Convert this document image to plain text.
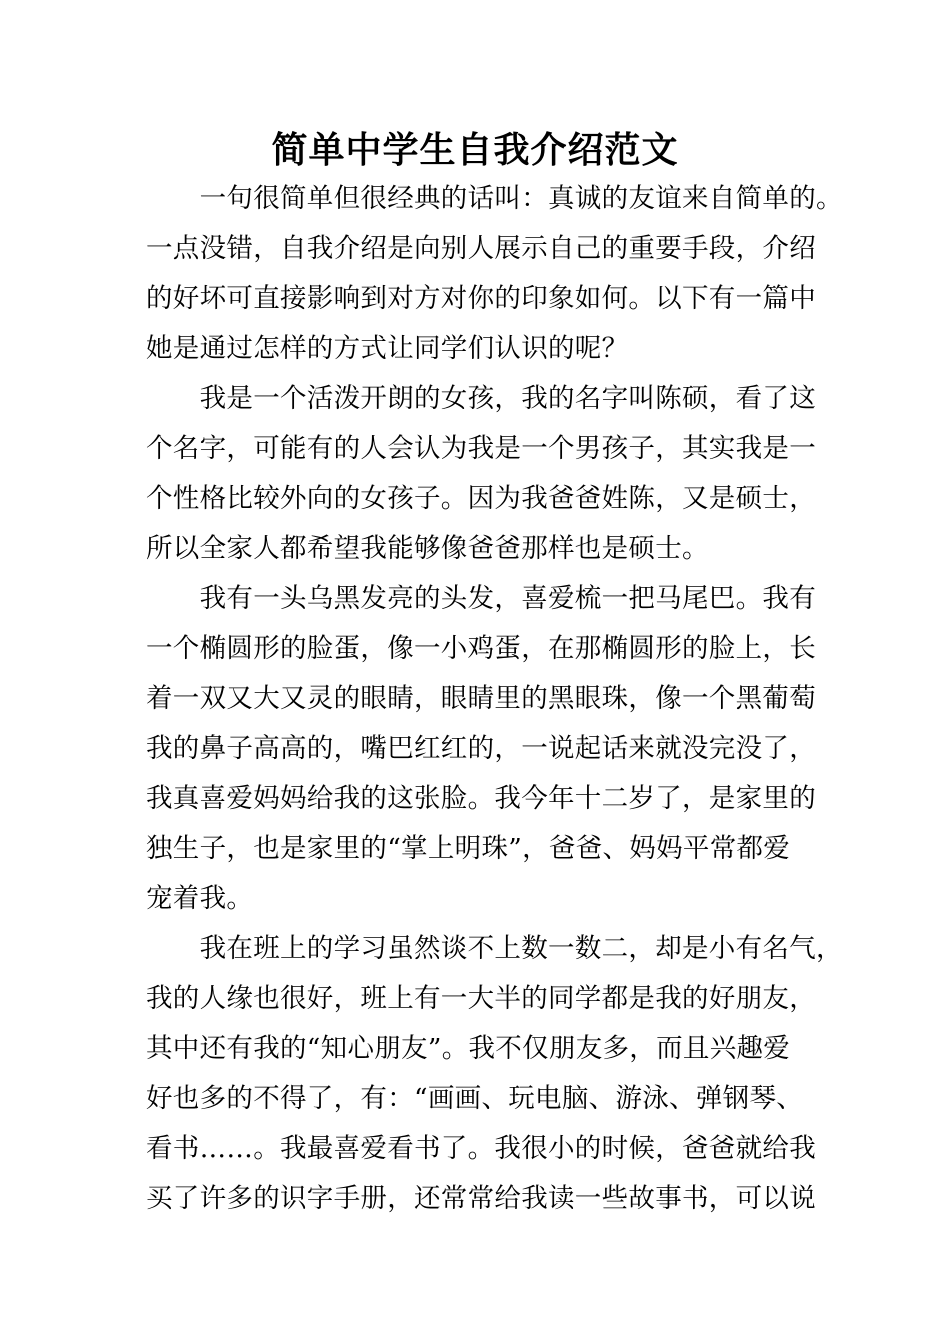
简单中学生自我介绍范文
　　一句很简单但很经典的话叫：真诚的友谊来自简单的。
一点没错，自我介绍是向别人展示自己的重要手段，介绍
的好坏可直接影响到对方对你的印象如何。以下有一篇中
她是通过怎样的方式让同学们认识的呢？
　　我是一个活泼开朗的女孩，我的名字叫陈硕，看了这
个名字，可能有的人会认为我是一个男孩子，其实我是一
个性格比较外向的女孩子。因为我爸爸姓陈，又是硕士，
所以全家人都希望我能够像爸爸那样也是硕士。
　　我有一头乌黑发亮的头发，喜爱梳一把马尾巴。我有
一个椭圆形的脸蛋，像一小鸡蛋，在那椭圆形的脸上，长
着一双又大又灵的眼睛，眼睛里的黑眼珠，像一个黑葡萄
我的鼻子高高的，嘴巴红红的，一说起话来就没完没了，
我真喜爱妈妈给我的这张脸。我今年十二岁了，是家里的
独生子，也是家里的“掌上明珠”，爸爸、妈妈平常都爱
宠着我。
　　我在班上的学习虽然谈不上数一数二，却是小有名气，
我的人缘也很好，班上有一大半的同学都是我的好朋友，
其中还有我的“知心朋友”。我不仅朋友多，而且兴趣爱
好也多的不得了，有：“画画、玩电脑、游泳、弹钢琴、
看书……。我最喜爱看书了。我很小的时候，爸爸就给我
买了许多的识字手册，还常常给我读一些故事书，可以说
